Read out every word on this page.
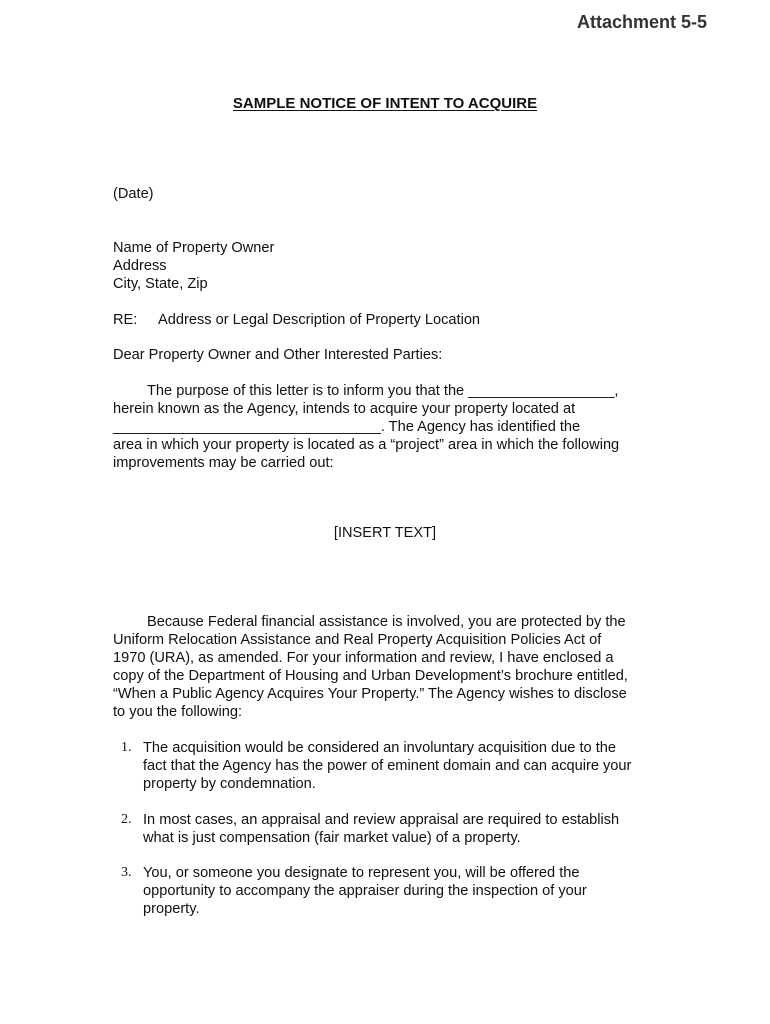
Attachment 5-5
SAMPLE NOTICE OF INTENT TO ACQUIRE
(Date)
Name of Property Owner
Address
City, State, Zip
RE: Address or Legal Description of Property Location
Dear Property Owner and Other Interested Parties:
The purpose of this letter is to inform you that the __________________,
herein known as the Agency, intends to acquire your property located at
_________________________________. The Agency has identified the
area in which your property is located as a “project” area in which the following
improvements may be carried out:
[INSERT TEXT]
Because Federal financial assistance is involved, you are protected by the
Uniform Relocation Assistance and Real Property Acquisition Policies Act of
1970 (URA), as amended. For your information and review, I have enclosed a
copy of the Department of Housing and Urban Development’s brochure entitled,
“When a Public Agency Acquires Your Property.” The Agency wishes to disclose
to you the following:
1. The acquisition would be considered an involuntary acquisition due to the
fact that the Agency has the power of eminent domain and can acquire your
property by condemnation.
2. In most cases, an appraisal and review appraisal are required to establish
what is just compensation (fair market value) of a property.
3. You, or someone you designate to represent you, will be offered the
opportunity to accompany the appraiser during the inspection of your
property.
